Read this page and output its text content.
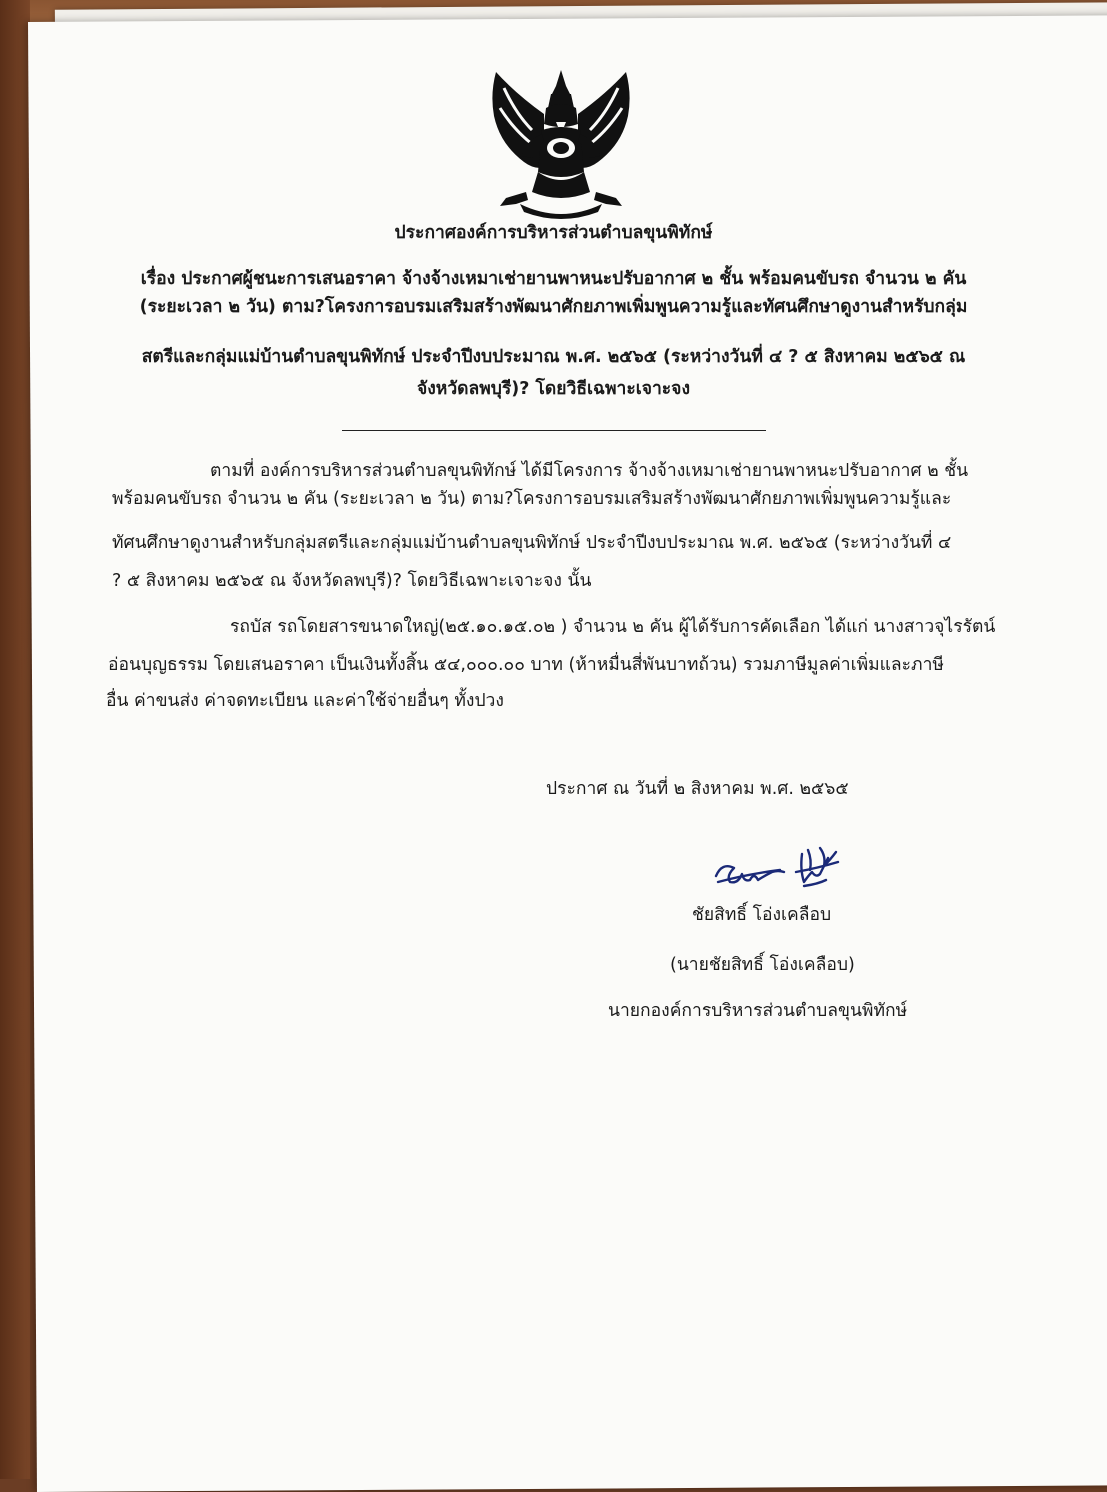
ประกาศองค์การบริหารส่วนตำบลขุนพิทักษ์
เรื่อง ประกาศผู้ชนะการเสนอราคา จ้างจ้างเหมาเช่ายานพาหนะปรับอากาศ ๒ ชั้น พร้อมคนขับรถ จำนวน ๒ คัน
(ระยะเวลา ๒ วัน) ตาม?โครงการอบรมเสริมสร้างพัฒนาศักยภาพเพิ่มพูนความรู้และทัศนศึกษาดูงานสำหรับกลุ่ม
สตรีและกลุ่มแม่บ้านตำบลขุนพิทักษ์ ประจำปีงบประมาณ พ.ศ. ๒๕๖๕ (ระหว่างวันที่ ๔ ? ๕ สิงหาคม ๒๕๖๕ ณ
จังหวัดลพบุรี)? โดยวิธีเฉพาะเจาะจง
ตามที่ องค์การบริหารส่วนตำบลขุนพิทักษ์ ได้มีโครงการ จ้างจ้างเหมาเช่ายานพาหนะปรับอากาศ ๒ ชั้น
พร้อมคนขับรถ จำนวน ๒ คัน (ระยะเวลา ๒ วัน) ตาม?โครงการอบรมเสริมสร้างพัฒนาศักยภาพเพิ่มพูนความรู้และ
ทัศนศึกษาดูงานสำหรับกลุ่มสตรีและกลุ่มแม่บ้านตำบลขุนพิทักษ์ ประจำปีงบประมาณ พ.ศ. ๒๕๖๕ (ระหว่างวันที่ ๔
? ๕ สิงหาคม ๒๕๖๕ ณ จังหวัดลพบุรี)? โดยวิธีเฉพาะเจาะจง นั้น
รถบัส รถโดยสารขนาดใหญ่(๒๕.๑๐.๑๕.๐๒ ) จำนวน ๒ คัน ผู้ได้รับการคัดเลือก ได้แก่ นางสาวจุไรรัตน์
อ่อนบุญธรรม โดยเสนอราคา เป็นเงินทั้งสิ้น ๕๔,๐๐๐.๐๐ บาท (ห้าหมื่นสี่พันบาทถ้วน) รวมภาษีมูลค่าเพิ่มและภาษี
อื่น ค่าขนส่ง ค่าจดทะเบียน และค่าใช้จ่ายอื่นๆ ทั้งปวง
ประกาศ ณ วันที่ ๒ สิงหาคม พ.ศ. ๒๕๖๕
ชัยสิทธิ์ โอ่งเคลือบ
(นายชัยสิทธิ์ โอ่งเคลือบ)
นายกองค์การบริหารส่วนตำบลขุนพิทักษ์
